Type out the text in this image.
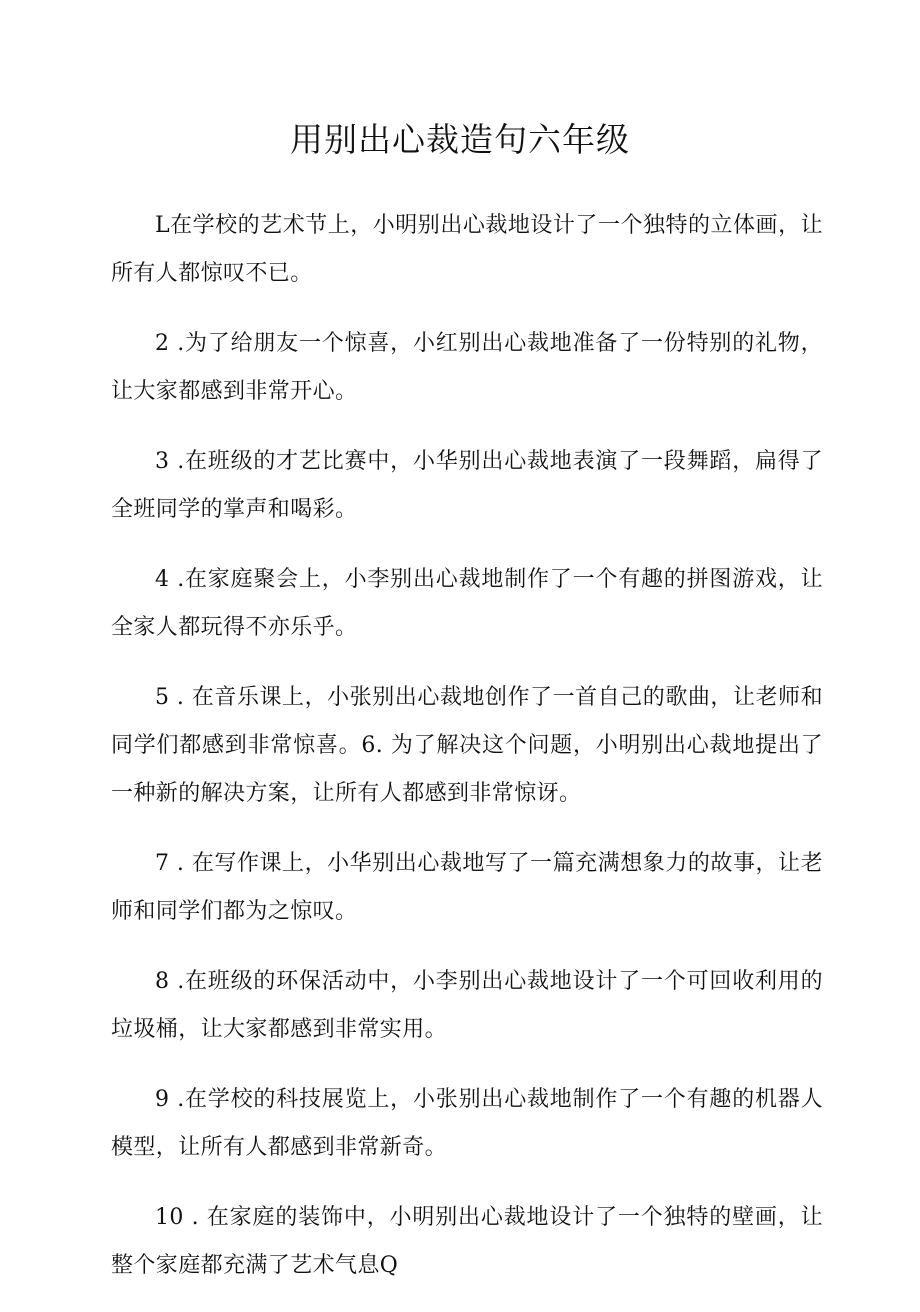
用别出心裁造句六年级

L在学校的艺术节上，小明别出心裁地设计了一个独特的立体画，让所有人都惊叹不已。

2 .为了给朋友一个惊喜，小红别出心裁地准备了一份特别的礼物，让大家都感到非常开心。

3 .在班级的才艺比赛中，小华别出心裁地表演了一段舞蹈，扁得了全班同学的掌声和喝彩。

4 .在家庭聚会上，小李别出心裁地制作了一个有趣的拼图游戏，让全家人都玩得不亦乐乎。

5 . 在音乐课上，小张别出心裁地创作了一首自己的歌曲，让老师和同学们都感到非常惊喜。6. 为了解决这个问题，小明别出心裁地提出了一种新的解决方案，让所有人都感到非常惊讶。

7 . 在写作课上，小华别出心裁地写了一篇充满想象力的故事，让老师和同学们都为之惊叹。

8 .在班级的环保活动中，小李别出心裁地设计了一个可回收利用的垃圾桶，让大家都感到非常实用。

9 .在学校的科技展览上，小张别出心裁地制作了一个有趣的机器人模型，让所有人都感到非常新奇。

10 . 在家庭的装饰中，小明别出心裁地设计了一个独特的壁画，让整个家庭都充满了艺术气息Q
